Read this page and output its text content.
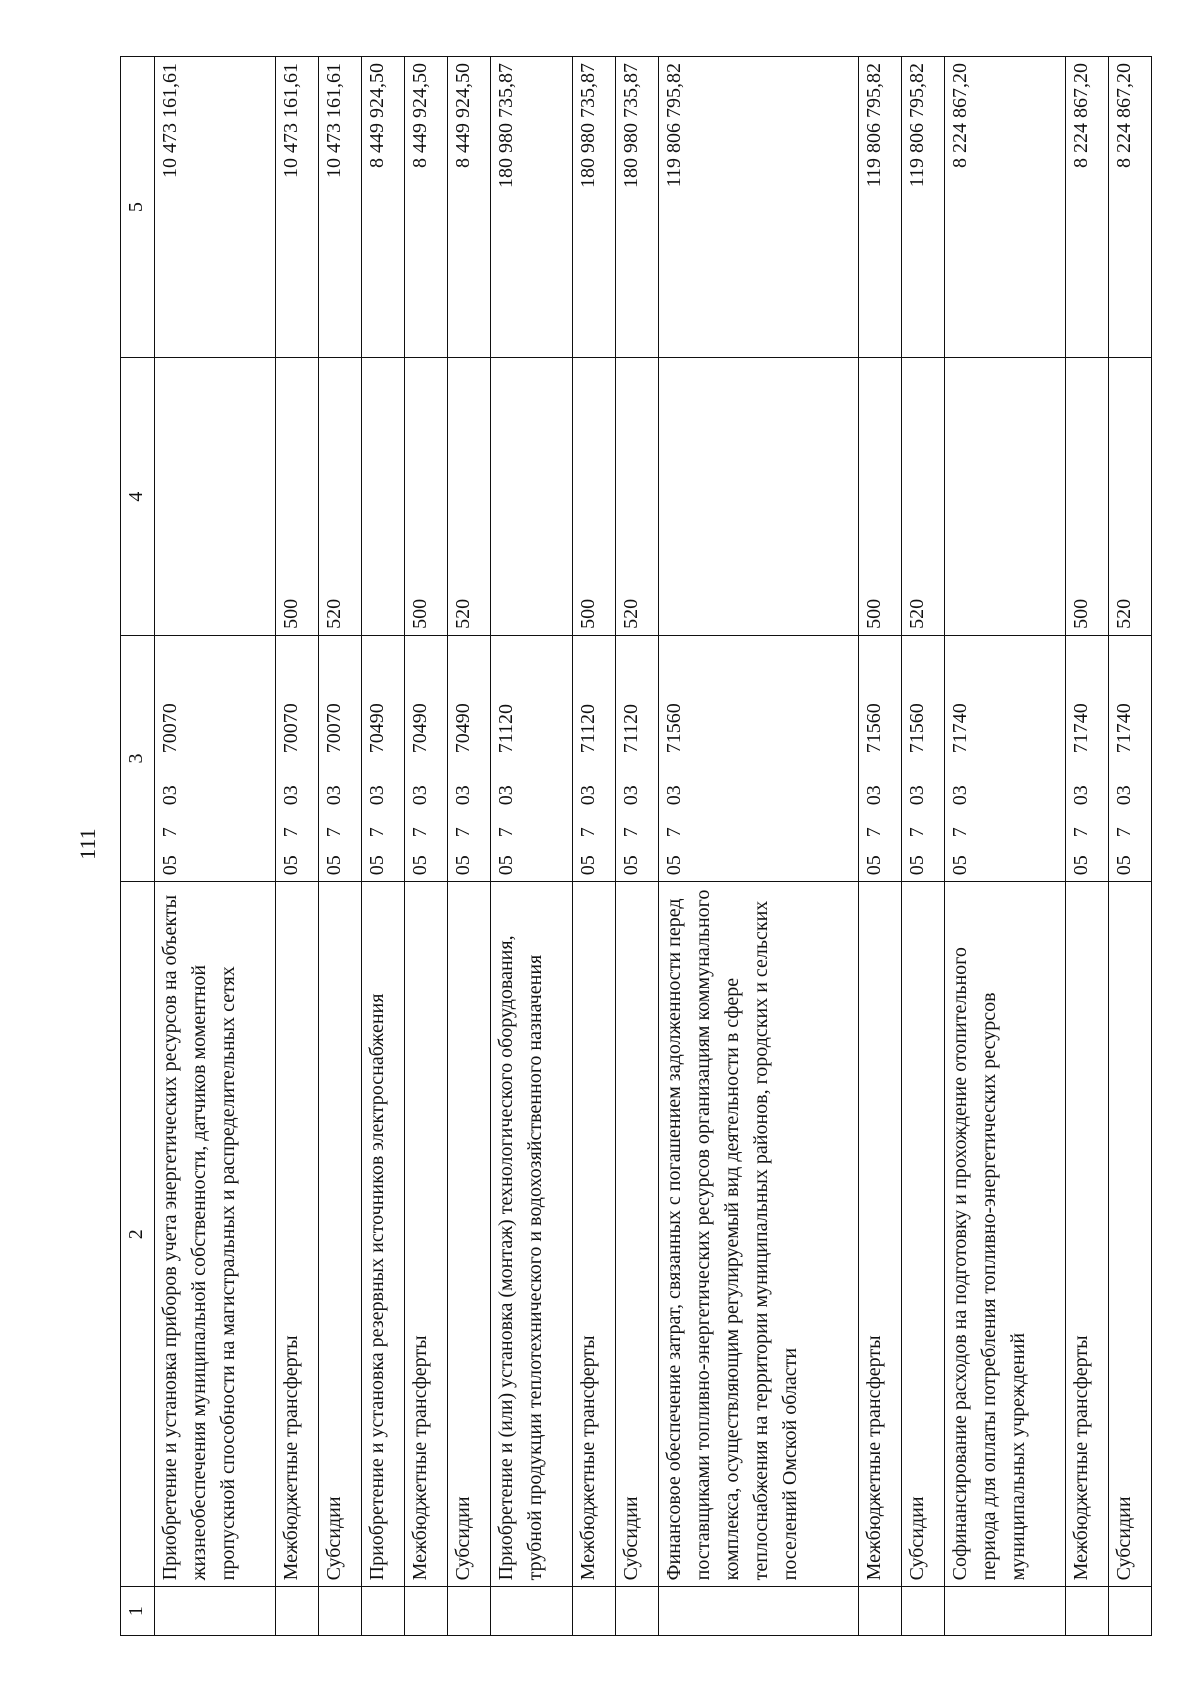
111
1	2	3	4	5
	Приобретение и установка приборов учета энергетических ресурсов на объекты жизнеобеспечения муниципальной собственности, датчиков моментной пропускной способности на магистральных и распределительных сетях	0570370070		10 473 161,61
	Межбюджетные трансферты	0570370070	500	10 473 161,61
	Субсидии	0570370070	520	10 473 161,61
	Приобретение и установка резервных источников электроснабжения	0570370490		8 449 924,50
	Межбюджетные трансферты	0570370490	500	8 449 924,50
	Субсидии	0570370490	520	8 449 924,50
	Приобретение и (или) установка (монтаж) технологического оборудования, трубной продукции теплотехнического и водохозяйственного назначения	0570371120		180 980 735,87
	Межбюджетные трансферты	0570371120	500	180 980 735,87
	Субсидии	0570371120	520	180 980 735,87
	Финансовое обеспечение затрат, связанных с погашением задолженности перед поставщиками топливно-энергетических ресурсов организациям коммунального комплекса, осуществляющим регулируемый вид деятельности в сфере теплоснабжения на территории муниципальных районов, городских и сельских поселений Омской области	0570371560		119 806 795,82
	Межбюджетные трансферты	0570371560	500	119 806 795,82
	Субсидии	0570371560	520	119 806 795,82
	Софинансирование расходов на подготовку и прохождение отопительного периода для оплаты потребления топливно-энергетических ресурсов муниципальных учреждений	0570371740		8 224 867,20
	Межбюджетные трансферты	0570371740	500	8 224 867,20
	Субсидии	0570371740	520	8 224 867,20
